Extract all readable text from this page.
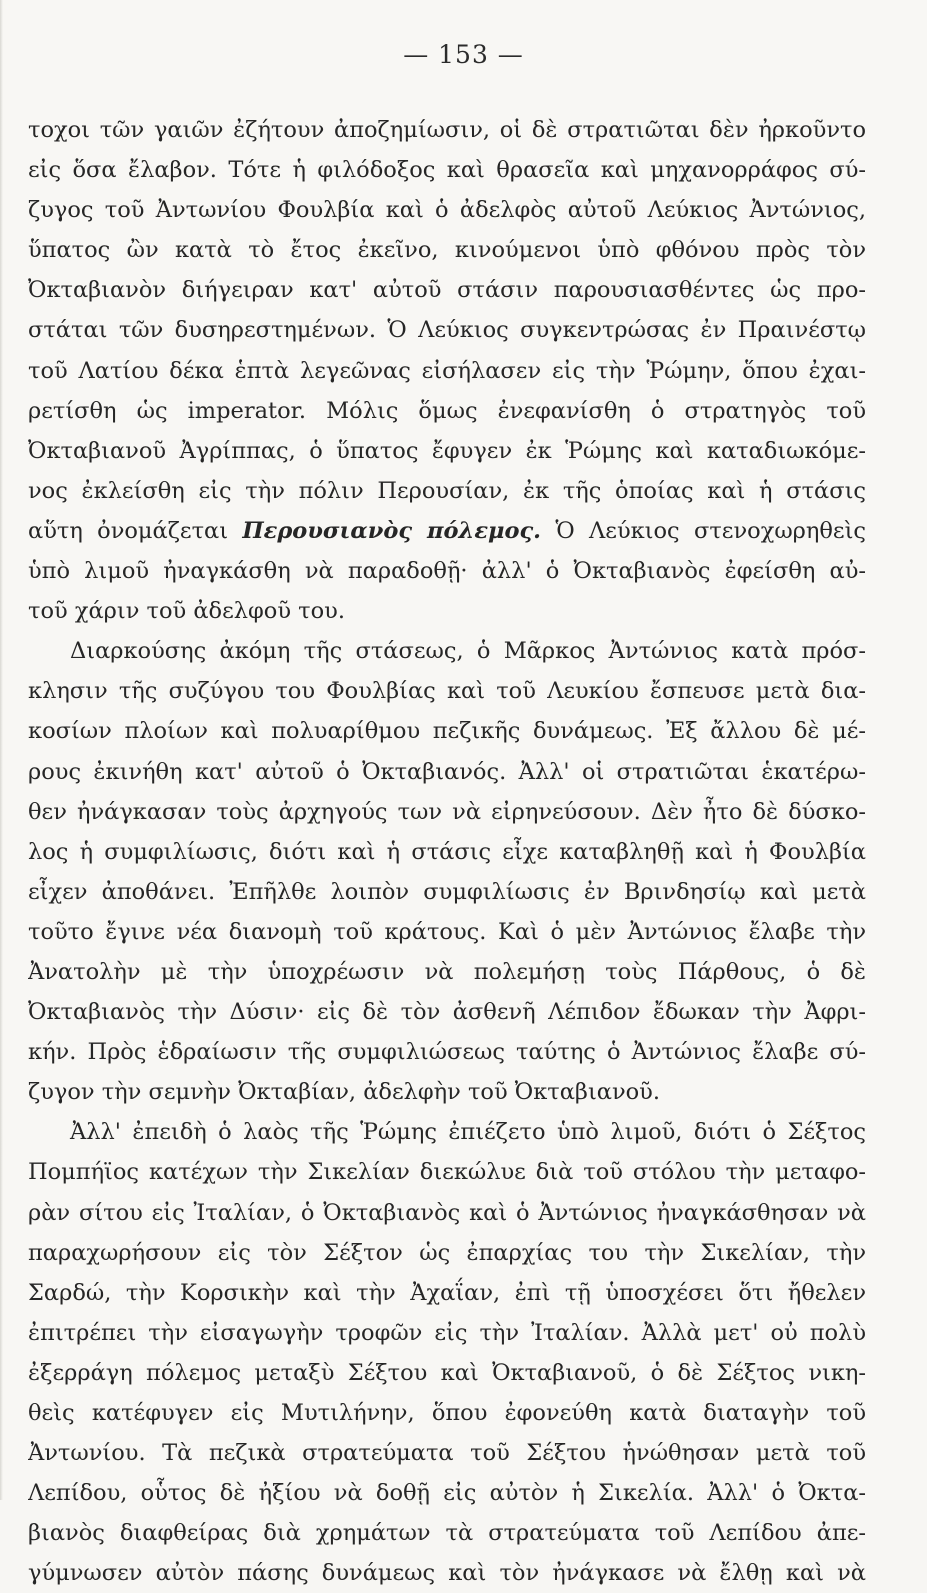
— 153 —
τοχοι τῶν γαιῶν ἐζήτουν ἀποζημίωσιν, οἱ δὲ στρατιῶται δὲν ἠρκοῦντο
εἰς ὅσα ἔλαβον. Τότε ἡ φιλόδοξος καὶ θρασεῖα καὶ μηχανορράφος σύ-
ζυγος τοῦ Ἀντωνίου Φουλβία καὶ ὁ ἀδελφὸς αὐτοῦ Λεύκιος Ἀντώνιος,
ὕπατος ὢν κατὰ τὸ ἔτος ἐκεῖνο, κινούμενοι ὑπὸ φθόνου πρὸς τὸν
Ὀκταβιανὸν διήγειραν κατ' αὐτοῦ στάσιν παρουσιασθέντες ὡς προ-
στάται τῶν δυσηρεστημένων. Ὁ Λεύκιος συγκεντρώσας ἐν Πραινέστῳ
τοῦ Λατίου δέκα ἑπτὰ λεγεῶνας εἰσήλασεν εἰς τὴν Ῥώμην, ὅπου ἐχαι-
ρετίσθη ὡς imperator. Μόλις ὅμως ἐνεφανίσθη ὁ στρατηγὸς τοῦ
Ὀκταβιανοῦ Ἀγρίππας, ὁ ὕπατος ἔφυγεν ἐκ Ῥώμης καὶ καταδιωκόμε-
νος ἐκλείσθη εἰς τὴν πόλιν Περουσίαν, ἐκ τῆς ὁποίας καὶ ἡ στάσις
αὕτη ὀνομάζεται Περουσιανὸς πόλεμος. Ὁ Λεύκιος στενοχωρηθεὶς
ὑπὸ λιμοῦ ἠναγκάσθη νὰ παραδοθῇ· ἀλλ' ὁ Ὀκταβιανὸς ἐφείσθη αὐ-
τοῦ χάριν τοῦ ἀδελφοῦ του.
Διαρκούσης ἀκόμη τῆς στάσεως, ὁ Μᾶρκος Ἀντώνιος κατὰ πρόσ-
κλησιν τῆς συζύγου του Φουλβίας καὶ τοῦ Λευκίου ἔσπευσε μετὰ δια-
κοσίων πλοίων καὶ πολυαρίθμου πεζικῆς δυνάμεως. Ἐξ ἄλλου δὲ μέ-
ρους ἐκινήθη κατ' αὐτοῦ ὁ Ὀκταβιανός. Ἀλλ' οἱ στρατιῶται ἑκατέρω-
θεν ἠνάγκασαν τοὺς ἀρχηγούς των νὰ εἰρηνεύσουν. Δὲν ἦτο δὲ δύσκο-
λος ἡ συμφιλίωσις, διότι καὶ ἡ στάσις εἶχε καταβληθῇ καὶ ἡ Φουλβία
εἶχεν ἀποθάνει. Ἐπῆλθε λοιπὸν συμφιλίωσις ἐν Βρινδησίῳ καὶ μετὰ
τοῦτο ἔγινε νέα διανομὴ τοῦ κράτους. Καὶ ὁ μὲν Ἀντώνιος ἔλαβε τὴν
Ἀνατολὴν μὲ τὴν ὑποχρέωσιν νὰ πολεμήσῃ τοὺς Πάρθους, ὁ δὲ
Ὀκταβιανὸς τὴν Δύσιν· εἰς δὲ τὸν ἀσθενῆ Λέπιδον ἔδωκαν τὴν Ἀφρι-
κήν. Πρὸς ἑδραίωσιν τῆς συμφιλιώσεως ταύτης ὁ Ἀντώνιος ἔλαβε σύ-
ζυγον τὴν σεμνὴν Ὀκταβίαν, ἀδελφὴν τοῦ Ὀκταβιανοῦ.
Ἀλλ' ἐπειδὴ ὁ λαὸς τῆς Ῥώμης ἐπιέζετο ὑπὸ λιμοῦ, διότι ὁ Σέξτος
Πομπήϊος κατέχων τὴν Σικελίαν διεκώλυε διὰ τοῦ στόλου τὴν μεταφο-
ρὰν σίτου εἰς Ἰταλίαν, ὁ Ὀκταβιανὸς καὶ ὁ Ἀντώνιος ἠναγκάσθησαν νὰ
παραχωρήσουν εἰς τὸν Σέξτον ὡς ἐπαρχίας του τὴν Σικελίαν, τὴν
Σαρδώ, τὴν Κορσικὴν καὶ τὴν Ἀχαΐαν, ἐπὶ τῇ ὑποσχέσει ὅτι ἤθελεν
ἐπιτρέπει τὴν εἰσαγωγὴν τροφῶν εἰς τὴν Ἰταλίαν. Ἀλλὰ μετ' οὐ πολὺ
ἐξερράγη πόλεμος μεταξὺ Σέξτου καὶ Ὀκταβιανοῦ, ὁ δὲ Σέξτος νικη-
θεὶς κατέφυγεν εἰς Μυτιλήνην, ὅπου ἐφονεύθη κατὰ διαταγὴν τοῦ
Ἀντωνίου. Τὰ πεζικὰ στρατεύματα τοῦ Σέξτου ἡνώθησαν μετὰ τοῦ
Λεπίδου, οὗτος δὲ ἠξίου νὰ δοθῇ εἰς αὐτὸν ἡ Σικελία. Ἀλλ' ὁ Ὀκτα-
βιανὸς διαφθείρας διὰ χρημάτων τὰ στρατεύματα τοῦ Λεπίδου ἀπε-
γύμνωσεν αὐτὸν πάσης δυνάμεως καὶ τὸν ἠνάγκασε νὰ ἔλθῃ καὶ νὰ
